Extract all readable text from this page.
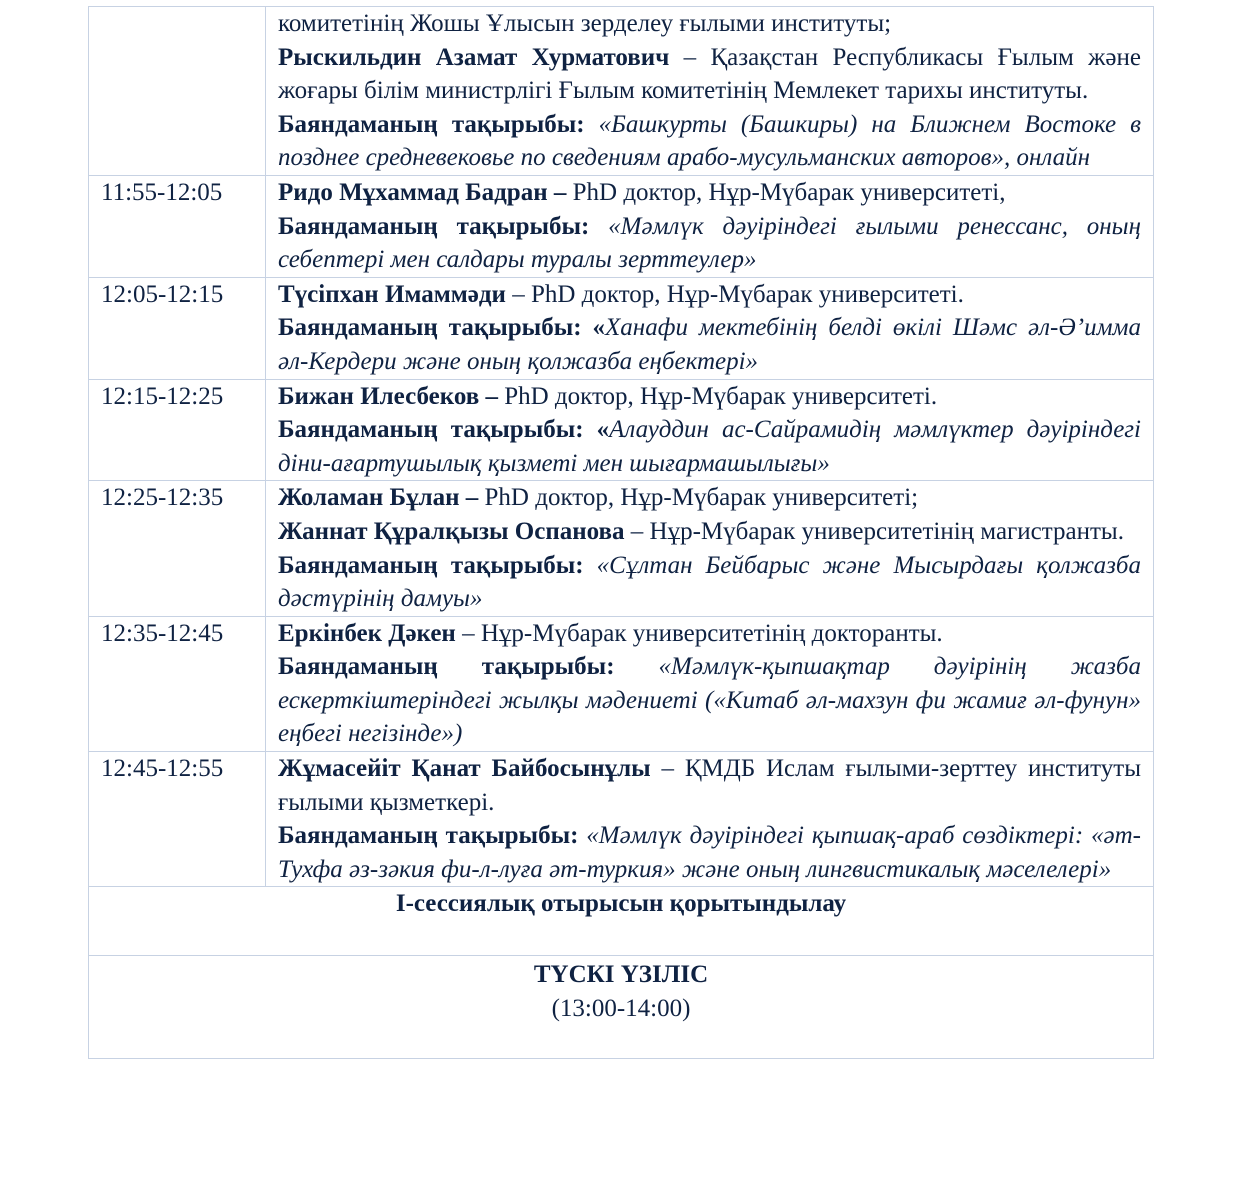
	комитетінің Жошы Ұлысын зерделеу ғылыми институты;
Рыскильдин Азамат Хурматович – Қазақстан Республикасы Ғылым және жоғары білім министрлігі Ғылым комитетінің Мемлекет тарихы институты.
Баяндаманың тақырыбы: «Башкурты (Башкиры) на Ближнем Востоке в позднее средневековье по сведениям арабо-мусульманских авторов», онлайн

11:55-12:05	Ридо Мұхаммад Бадран – PhD доктор, Нұр-Мүбарак университеті,
Баяндаманың тақырыбы: «Мәмлүк дәуіріндегі ғылыми ренессанс, оның себептері мен салдары туралы зерттеулер»

12:05-12:15	Түсіпхан Имаммәди – PhD доктор, Нұр-Мүбарак университеті.
Баяндаманың тақырыбы: «Ханафи мектебінің белді өкілі Шәмс әл-Ә’имма әл-Кердери және оның қолжазба еңбектері»

12:15-12:25	Бижан Илесбеков – PhD доктор, Нұр-Мүбарак университеті.
Баяндаманың тақырыбы: «Алауддин ас-Сайрамидің мәмлүктер дәуіріндегі діни-ағартушылық қызметі мен шығармашылығы»

12:25-12:35	Жоламан Бұлан – PhD доктор, Нұр-Мүбарак университеті;
Жаннат Құралқызы Оспанова – Нұр-Мүбарак университетінің магистранты.
Баяндаманың тақырыбы: «Сұлтан Бейбарыс және Мысырдағы қолжазба дәстүрінің дамуы»

12:35-12:45	Еркінбек Дәкен – Нұр-Мүбарак университетінің докторанты.
Баяндаманың тақырыбы: «Мәмлүк-қыпшақтар дәуірінің жазба ескерткіштеріндегі жылқы мәдениеті («Китаб әл-махзун фи жамиғ әл-фунун» еңбегі негізінде»)

12:45-12:55	Жұмасейіт Қанат Байбосынұлы – ҚМДБ Ислам ғылыми-зерттеу институты ғылыми қызметкері.
Баяндаманың тақырыбы: «Мәмлүк дәуіріндегі қыпшақ-араб сөздіктері: «әт-Тухфа әз-зәкия фи-л-луға әт-туркия» және оның лингвистикалық мәселелері»

І-сессиялық отырысын қорытындылау	

ТҮСКІ ҮЗІЛІС
(13:00-14:00)	
